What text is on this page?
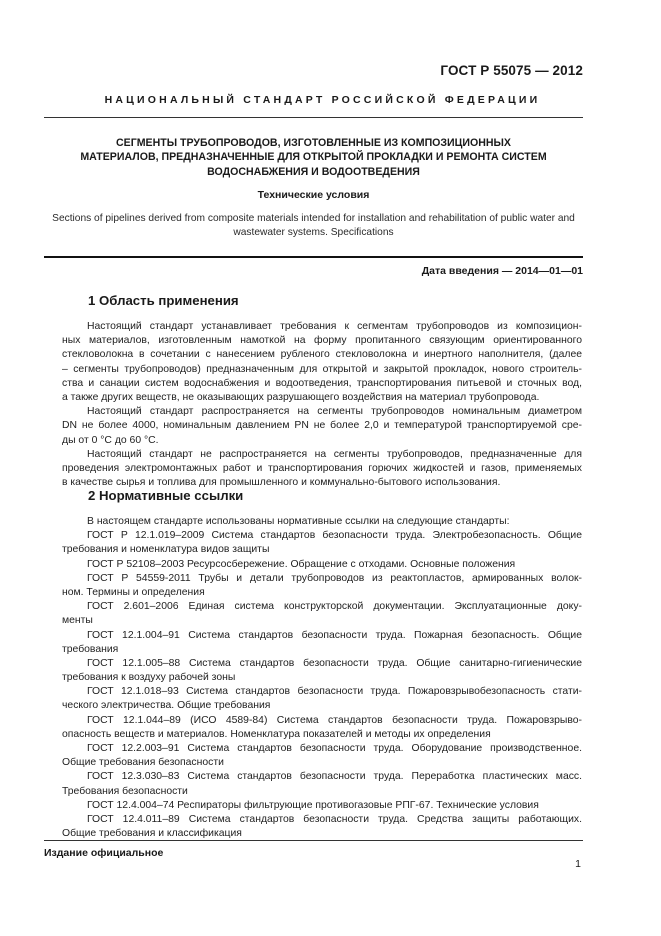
ГОСТ Р 55075 — 2012
НАЦИОНАЛЬНЫЙ СТАНДАРТ РОССИЙСКОЙ ФЕДЕРАЦИИ
СЕГМЕНТЫ ТРУБОПРОВОДОВ, ИЗГОТОВЛЕННЫЕ ИЗ КОМПОЗИЦИОННЫХ
МАТЕРИАЛОВ, ПРЕДНАЗНАЧЕННЫЕ ДЛЯ ОТКРЫТОЙ ПРОКЛАДКИ И РЕМОНТА СИСТЕМ
ВОДОСНАБЖЕНИЯ И ВОДООТВЕДЕНИЯ
Технические условия
Sections of pipelines derived from composite materials intended for installation and rehabilitation of public water and
wastewater systems. Specifications
Дата введения — 2014—01—01
1 Область применения
Настоящий стандарт устанавливает требования к сегментам трубопроводов из композицион-
ных материалов, изготовленным намоткой на форму пропитанного связующим ориентированного
стекловолокна в сочетании с нанесением рубленого стекловолокна и инертного наполнителя, (далее
– сегменты трубопроводов) предназначенным для открытой и закрытой прокладок, нового строитель-
ства и санации систем водоснабжения и водоотведения, транспортирования питьевой и сточных вод,
а также других веществ, не оказывающих разрушающего воздействия на материал трубопровода.
Настоящий стандарт распространяется на сегменты трубопроводов номинальным диаметром
DN не более 4000, номинальным давлением PN не более 2,0 и температурой транспортируемой сре-
ды от 0 °С до 60 °С.
Настоящий стандарт не распространяется на сегменты трубопроводов, предназначенные для
проведения электромонтажных работ и транспортирования горючих жидкостей и газов, применяемых
в качестве сырья и топлива для промышленного и коммунально-бытового использования.
2 Нормативные ссылки
В настоящем стандарте использованы нормативные ссылки на следующие стандарты:
ГОСТ Р 12.1.019–2009 Система стандартов безопасности труда. Электробезопасность. Общие
требования и номенклатура видов защиты
ГОСТ Р 52108–2003 Ресурсосбережение. Обращение с отходами. Основные положения
ГОСТ Р 54559-2011 Трубы и детали трубопроводов из реактопластов, армированных волок-
ном. Термины и определения
ГОСТ 2.601–2006 Единая система конструкторской документации. Эксплуатационные доку-
менты
ГОСТ 12.1.004–91 Система стандартов безопасности труда. Пожарная безопасность. Общие
требования
ГОСТ 12.1.005–88 Система стандартов безопасности труда. Общие санитарно-гигиенические
требования к воздуху рабочей зоны
ГОСТ 12.1.018–93 Система стандартов безопасности труда. Пожаровзрывобезопасность стати-
ческого электричества. Общие требования
ГОСТ 12.1.044–89 (ИСО 4589-84) Система стандартов безопасности труда. Пожаровзрыво-
опасность веществ и материалов. Номенклатура показателей и методы их определения
ГОСТ 12.2.003–91 Система стандартов безопасности труда. Оборудование производственное.
Общие требования безопасности
ГОСТ 12.3.030–83 Система стандартов безопасности труда. Переработка пластических масс.
Требования безопасности
ГОСТ 12.4.004–74 Респираторы фильтрующие противогазовые РПГ-67. Технические условия
ГОСТ 12.4.011–89 Система стандартов безопасности труда. Средства защиты работающих.
Общие требования и классификация
Издание официальное
1
